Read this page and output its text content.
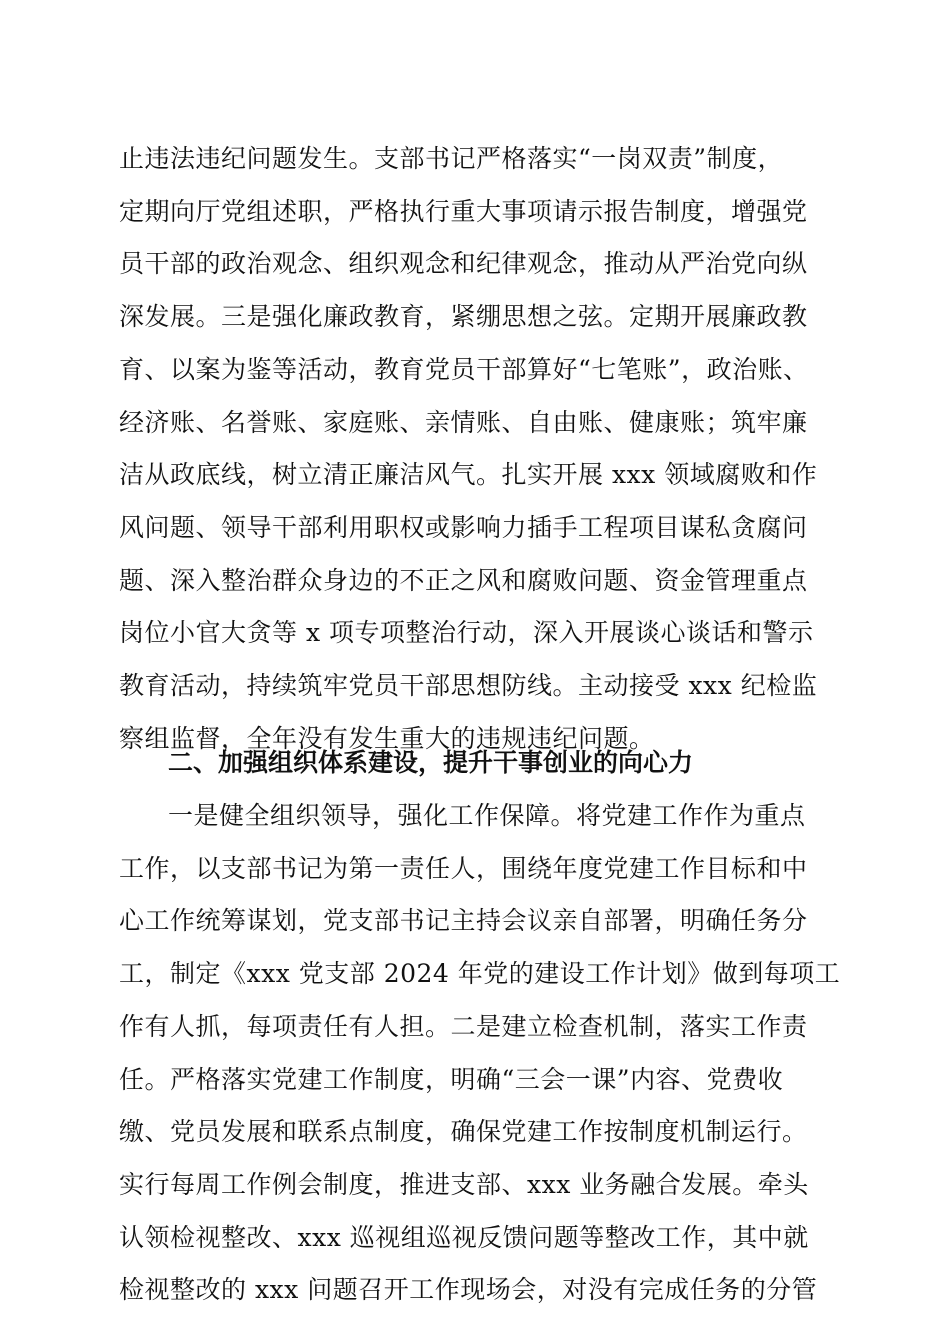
止违法违纪问题发生。支部书记严格落实“一岗双责”制度，
定期向厅党组述职，严格执行重大事项请示报告制度，增强党
员干部的政治观念、组织观念和纪律观念，推动从严治党向纵
深发展。三是强化廉政教育，紧绷思想之弦。定期开展廉政教
育、以案为鉴等活动，教育党员干部算好“七笔账”，政治账、
经济账、名誉账、家庭账、亲情账、自由账、健康账；筑牢廉
洁从政底线，树立清正廉洁风气。扎实开展 xxx 领域腐败和作
风问题、领导干部利用职权或影响力插手工程项目谋私贪腐问
题、深入整治群众身边的不正之风和腐败问题、资金管理重点
岗位小官大贪等 x 项专项整治行动，深入开展谈心谈话和警示
教育活动，持续筑牢党员干部思想防线。主动接受 xxx 纪检监
察组监督，全年没有发生重大的违规违纪问题。
二、加强组织体系建设，提升干事创业的向心力
一是健全组织领导，强化工作保障。将党建工作作为重点
工作，以支部书记为第一责任人，围绕年度党建工作目标和中
心工作统筹谋划，党支部书记主持会议亲自部署，明确任务分
工，制定《xxx 党支部 2024 年党的建设工作计划》做到每项工
作有人抓，每项责任有人担。二是建立检查机制，落实工作责
任。严格落实党建工作制度，明确“三会一课”内容、党费收
缴、党员发展和联系点制度，确保党建工作按制度机制运行。
实行每周工作例会制度，推进支部、xxx 业务融合发展。牵头
认领检视整改、xxx 巡视组巡视反馈问题等整改工作，其中就
检视整改的 xxx 问题召开工作现场会，对没有完成任务的分管
